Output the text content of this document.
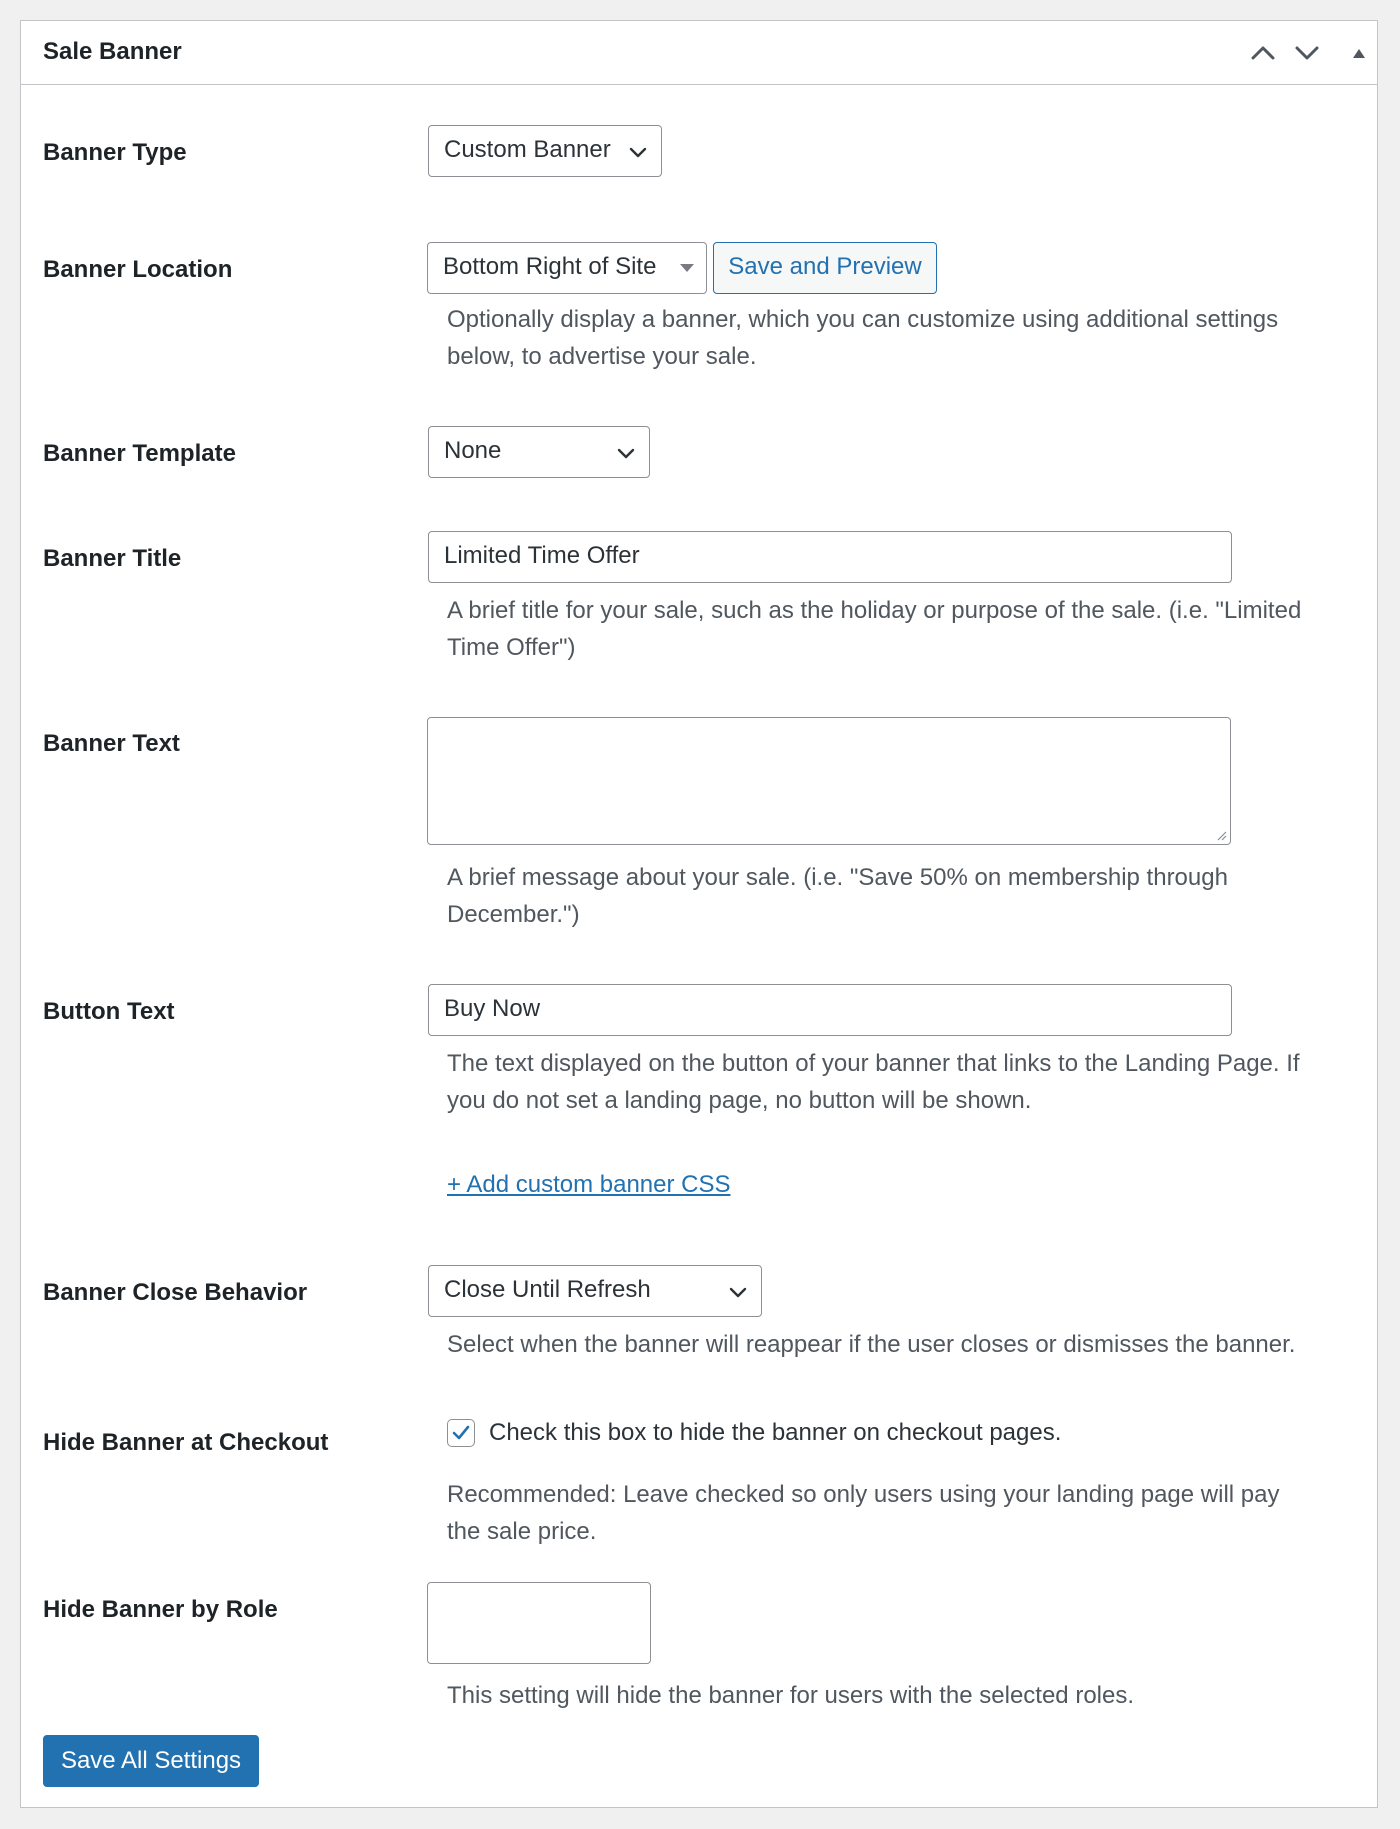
Sale Banner
Banner Type	Custom Banner
Banner Location	Bottom Right of Site	Save and Preview
Optionally display a banner, which you can customize using additional settings
below, to advertise your sale.
Banner Template	None
Banner Title	Limited Time Offer
A brief title for your sale, such as the holiday or purpose of the sale. (i.e. "Limited
Time Offer")
Banner Text
A brief message about your sale. (i.e. "Save 50% on membership through
December.")
Button Text	Buy Now
The text displayed on the button of your banner that links to the Landing Page. If
you do not set a landing page, no button will be shown.
+ Add custom banner CSS
Banner Close Behavior	Close Until Refresh
Select when the banner will reappear if the user closes or dismisses the banner.
Hide Banner at Checkout	Check this box to hide the banner on checkout pages.
Recommended: Leave checked so only users using your landing page will pay
the sale price.
Hide Banner by Role
This setting will hide the banner for users with the selected roles.
Save All Settings
